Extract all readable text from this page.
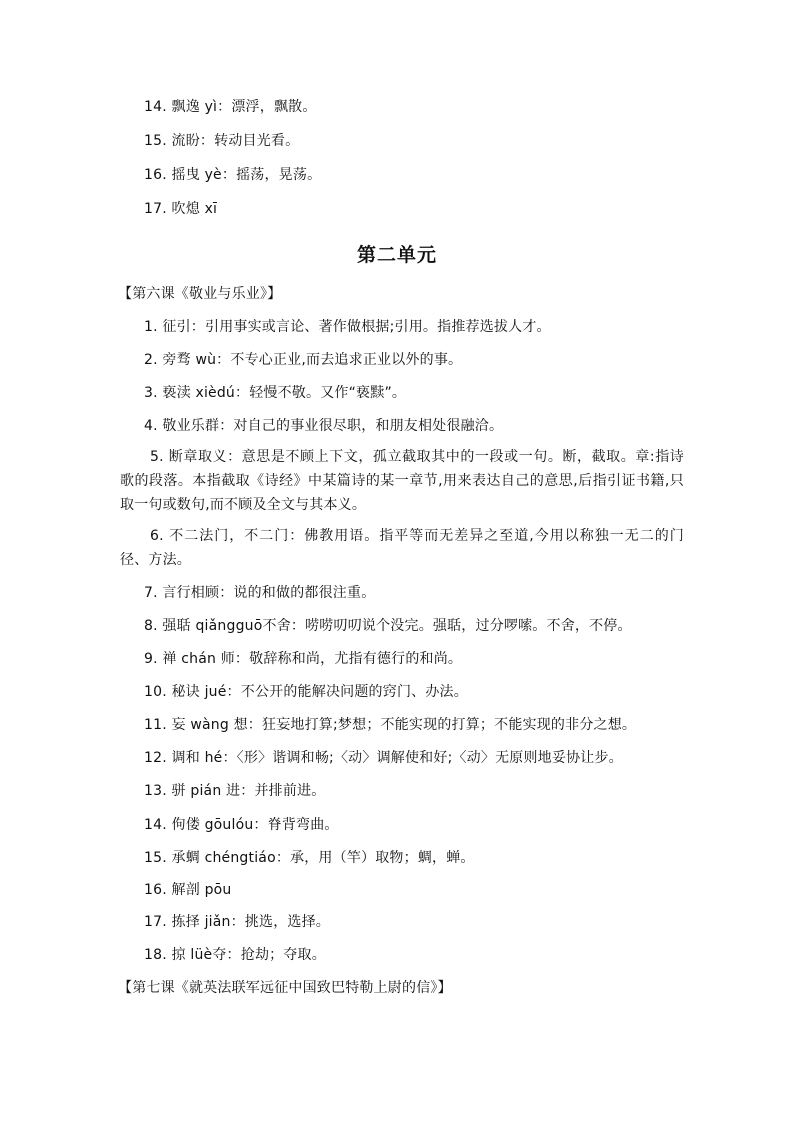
14. 飘逸 yì：漂浮，飘散。
15. 流盼：转动目光看。
16. 摇曳 yè：摇荡，晃荡。
17. 吹熄 xī
第二单元
【第六课《敬业与乐业》】
1. 征引：引用事实或言论、著作做根据;引用。指推荐选拔人才。
2. 旁骛 wù：不专心正业,而去追求正业以外的事。
3. 亵渎 xièdú：轻慢不敬。又作“亵黩”。
4. 敬业乐群：对自己的事业很尽职，和朋友相处很融洽。
5. 断章取义：意思是不顾上下文，孤立截取其中的一段或一句。断，截取。章:指诗歌的段落。本指截取《诗经》中某篇诗的某一章节,用来表达自己的意思,后指引证书籍,只取一句或数句,而不顾及全文与其本义。
6. 不二法门，不二门：佛教用语。指平等而无差异之至道,今用以称独一无二的门径、方法。
7. 言行相顾：说的和做的都很注重。
8. 强聒 qiǎngguō不舍：唠唠叨叨说个没完。强聒，过分啰嗦。不舍，不停。
9. 禅 chán 师：敬辞称和尚，尤指有德行的和尚。
10. 秘诀 jué：不公开的能解决问题的窍门、办法。
11. 妄 wàng 想：狂妄地打算;梦想；不能实现的打算；不能实现的非分之想。
12. 调和 hé：〈形〉谐调和畅;〈动〉调解使和好;〈动〉无原则地妥协让步。
13. 骈 pián 进：并排前进。
14. 佝偻 gōulóu：脊背弯曲。
15. 承蜩 chéngtiáo：承，用（竿）取物；蜩，蝉。
16. 解剖 pōu
17. 拣择 jiǎn：挑选，选择。
18. 掠 lüè夺：抢劫；夺取。
【第七课《就英法联军远征中国致巴特勒上尉的信》】
